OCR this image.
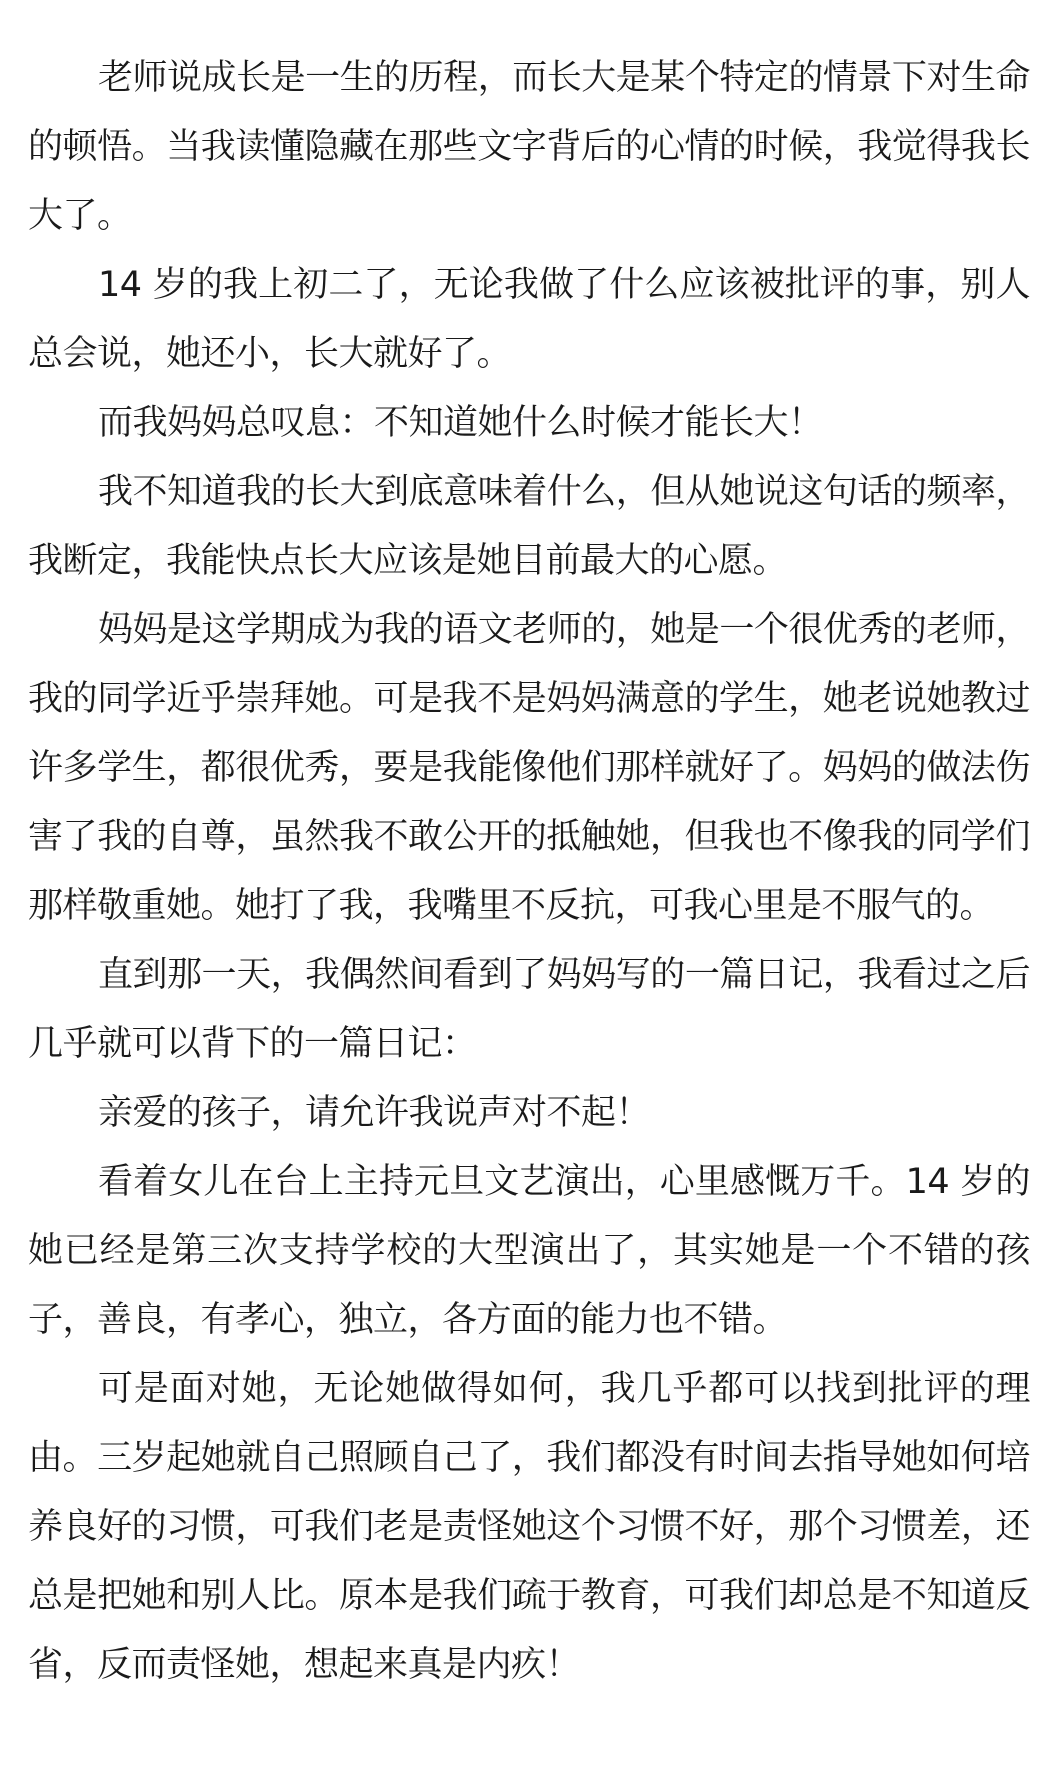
老师说成长是一生的历程，而长大是某个特定的情景下对生命的顿悟。当我读懂隐藏在那些文字背后的心情的时候，我觉得我长大了。

14 岁的我上初二了，无论我做了什么应该被批评的事，别人总会说，她还小，长大就好了。

而我妈妈总叹息：不知道她什么时候才能长大！

我不知道我的长大到底意味着什么，但从她说这句话的频率，我断定，我能快点长大应该是她目前最大的心愿。

妈妈是这学期成为我的语文老师的，她是一个很优秀的老师，我的同学近乎崇拜她。可是我不是妈妈满意的学生，她老说她教过许多学生，都很优秀，要是我能像他们那样就好了。妈妈的做法伤害了我的自尊，虽然我不敢公开的抵触她，但我也不像我的同学们那样敬重她。她打了我，我嘴里不反抗，可我心里是不服气的。

直到那一天，我偶然间看到了妈妈写的一篇日记，我看过之后几乎就可以背下的一篇日记：

亲爱的孩子，请允许我说声对不起！

看着女儿在台上主持元旦文艺演出，心里感慨万千。14 岁的她已经是第三次支持学校的大型演出了，其实她是一个不错的孩子，善良，有孝心，独立，各方面的能力也不错。

可是面对她，无论她做得如何，我几乎都可以找到批评的理由。三岁起她就自己照顾自己了，我们都没有时间去指导她如何培养良好的习惯，可我们老是责怪她这个习惯不好，那个习惯差，还总是把她和别人比。原本是我们疏于教育，可我们却总是不知道反省，反而责怪她，想起来真是内疚！
